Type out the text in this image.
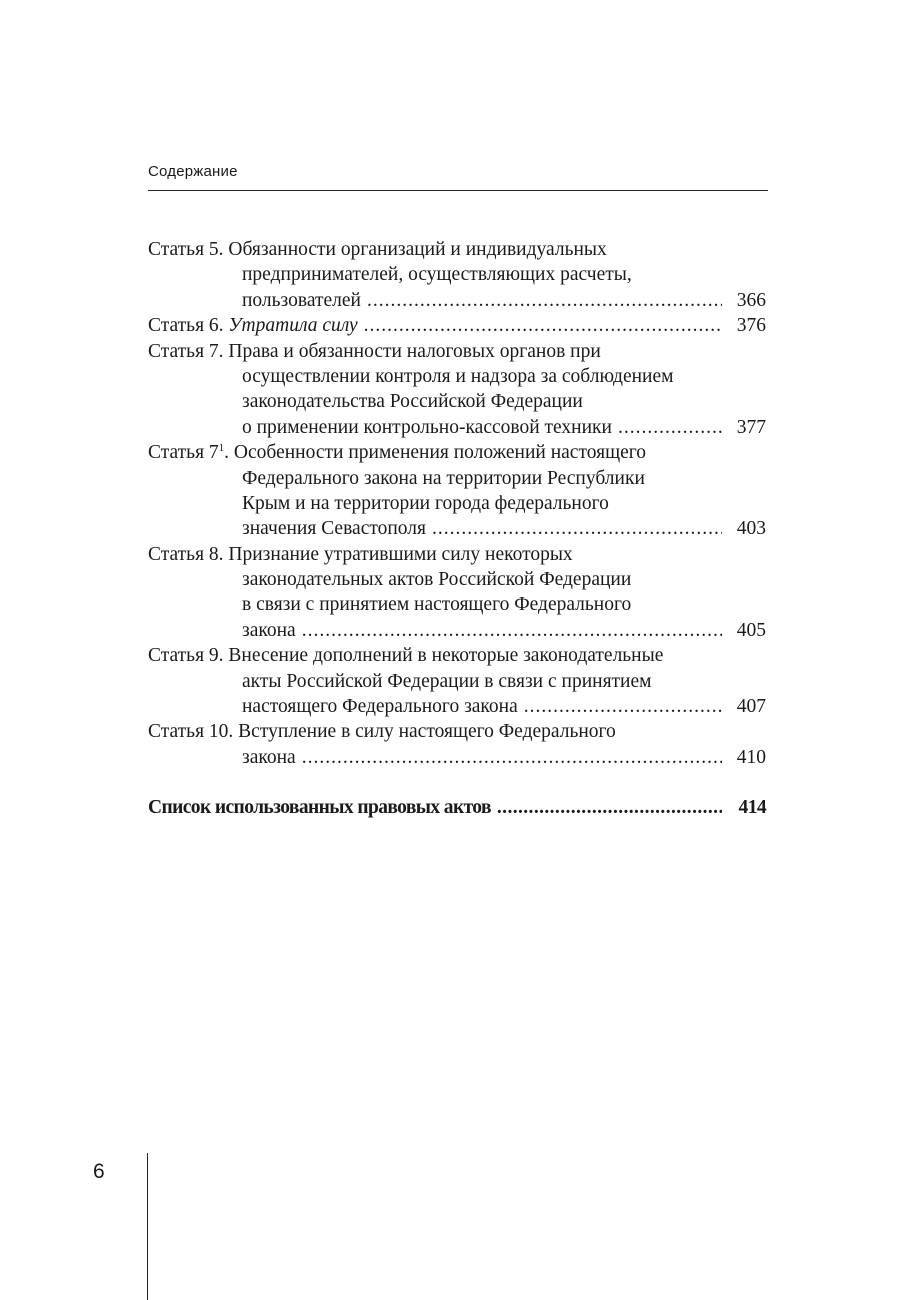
Содержание
Статья 5. Обязанности организаций и индивидуальных
предпринимателей, осуществляющих расчеты,
пользователей .....	366
Статья 6. Утратила силу .....	376
Статья 7. Права и обязанности налоговых органов при
осуществлении контроля и надзора за соблюдением
законодательства Российской Федерации
о применении контрольно-кассовой техники .....	377
Статья $7^1$. Особенности применения положений настоящего
Федерального закона на территории Республики
Крым и на территории города федерального
значения Севастополя .....	403
Статья 8. Признание утратившими силу некоторых
законодательных актов Российской Федерации
в связи с принятием настоящего Федерального
закона .....	405
Статья 9. Внесение дополнений в некоторые законодательные
акты Российской Федерации в связи с принятием
настоящего Федерального закона .....	407
Статья 10. Вступление в силу настоящего Федерального
закона .....	410
Список использованных правовых актов .....	414
6
